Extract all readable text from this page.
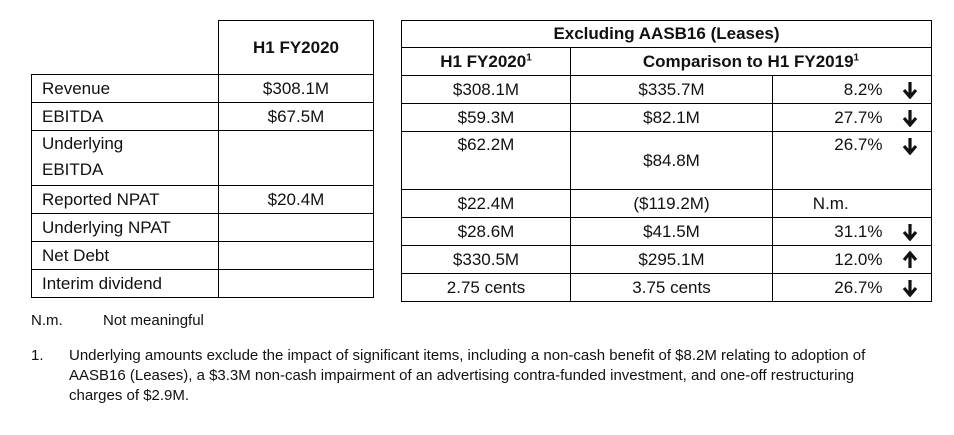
	H1 FY2020
Revenue	$308.1M
EBITDA	$67.5M

Underlying
EBITDA	

Reported NPAT	$20.4M
Underlying NPAT	
Net Debt	
Interim dividend	
Excluding AASB16 (Leases)			
H1 FY2020$^1$	Comparison to H1 FY2019$^1$
$308.1M	$335.7M	8.2%	

$59.3M	$82.1M	27.7%	

$62.2M	$84.8M	26.7%	

$22.4M	($119.2M)	N.m.	
$28.6M	$41.5M	31.1%	

$330.5M	$295.1M	12.0%	

2.75 cents	3.75 cents	26.7%	
N.m.	Not meaningful
1. Underlying amounts exclude the impact of significant items, including a non-cash benefit of $8.2M relating to adoption of AASB16 (Leases), a $3.3M non-cash impairment of an advertising contra-funded investment, and one-off restructuring charges of $2.9M.
